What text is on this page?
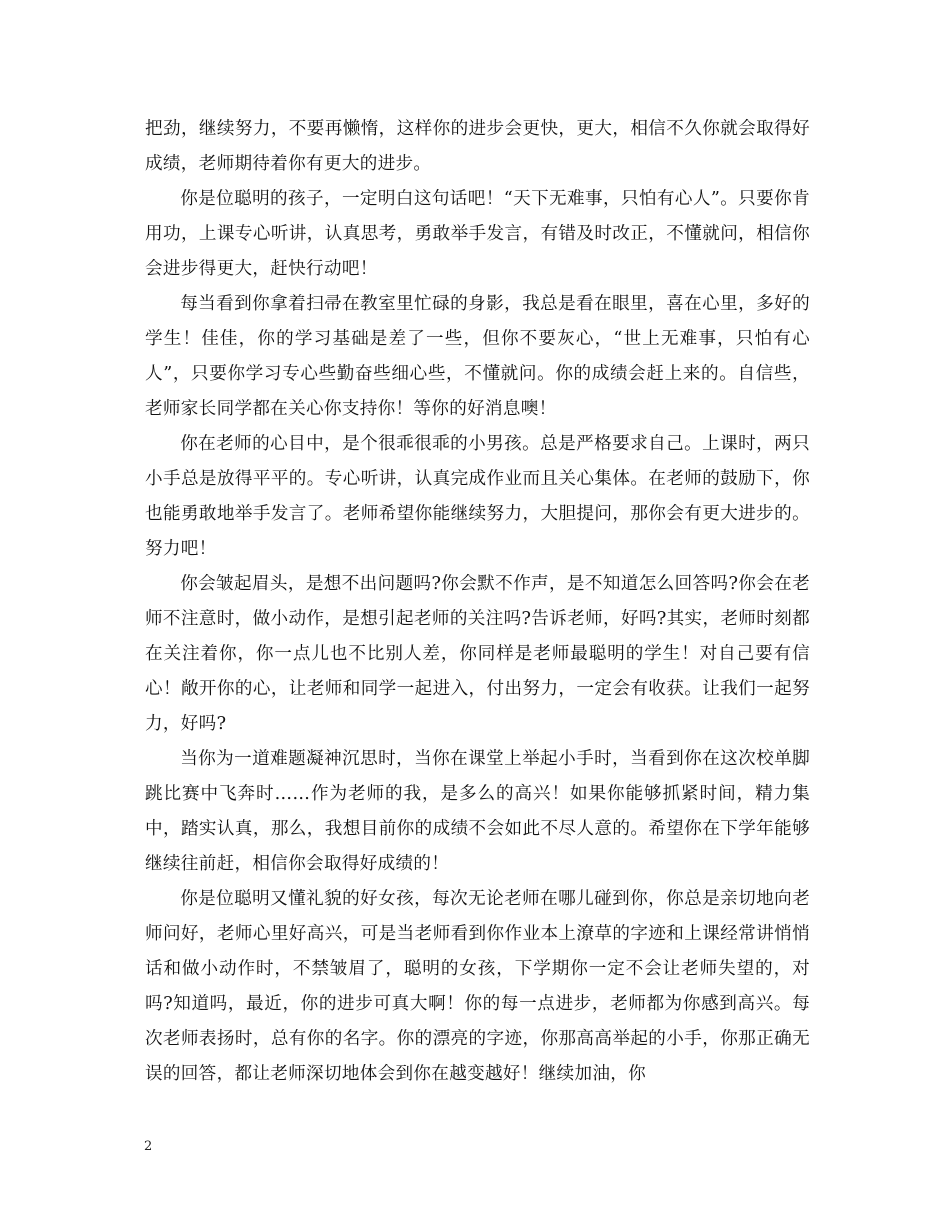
把劲，继续努力，不要再懒惰，这样你的进步会更快，更大，相信不久你就会取得好成绩，老师期待着你有更大的进步。

你是位聪明的孩子，一定明白这句话吧！“天下无难事，只怕有心人”。只要你肯用功，上课专心听讲，认真思考，勇敢举手发言，有错及时改正，不懂就问，相信你会进步得更大，赶快行动吧！

每当看到你拿着扫帚在教室里忙碌的身影，我总是看在眼里，喜在心里，多好的学生！佳佳，你的学习基础是差了一些，但你不要灰心，“世上无难事，只怕有心人”，只要你学习专心些勤奋些细心些，不懂就问。你的成绩会赶上来的。自信些，老师家长同学都在关心你支持你！等你的好消息噢！

你在老师的心目中，是个很乖很乖的小男孩。总是严格要求自己。上课时，两只小手总是放得平平的。专心听讲，认真完成作业而且关心集体。在老师的鼓励下，你也能勇敢地举手发言了。老师希望你能继续努力，大胆提问，那你会有更大进步的。努力吧！

你会皱起眉头，是想不出问题吗?你会默不作声，是不知道怎么回答吗?你会在老师不注意时，做小动作，是想引起老师的关注吗?告诉老师，好吗?其实，老师时刻都在关注着你，你一点儿也不比别人差，你同样是老师最聪明的学生！对自己要有信心！敞开你的心，让老师和同学一起进入，付出努力，一定会有收获。让我们一起努力，好吗?

当你为一道难题凝神沉思时，当你在课堂上举起小手时，当看到你在这次校单脚跳比赛中飞奔时……作为老师的我，是多么的高兴！如果你能够抓紧时间，精力集中，踏实认真，那么，我想目前你的成绩不会如此不尽人意的。希望你在下学年能够继续往前赶，相信你会取得好成绩的！

你是位聪明又懂礼貌的好女孩，每次无论老师在哪儿碰到你，你总是亲切地向老师问好，老师心里好高兴，可是当老师看到你作业本上潦草的字迹和上课经常讲悄悄话和做小动作时，不禁皱眉了，聪明的女孩，下学期你一定不会让老师失望的，对吗?知道吗，最近，你的进步可真大啊！你的每一点进步，老师都为你感到高兴。每次老师表扬时，总有你的名字。你的漂亮的字迹，你那高高举起的小手，你那正确无误的回答，都让老师深切地体会到你在越变越好！继续加油，你

2
